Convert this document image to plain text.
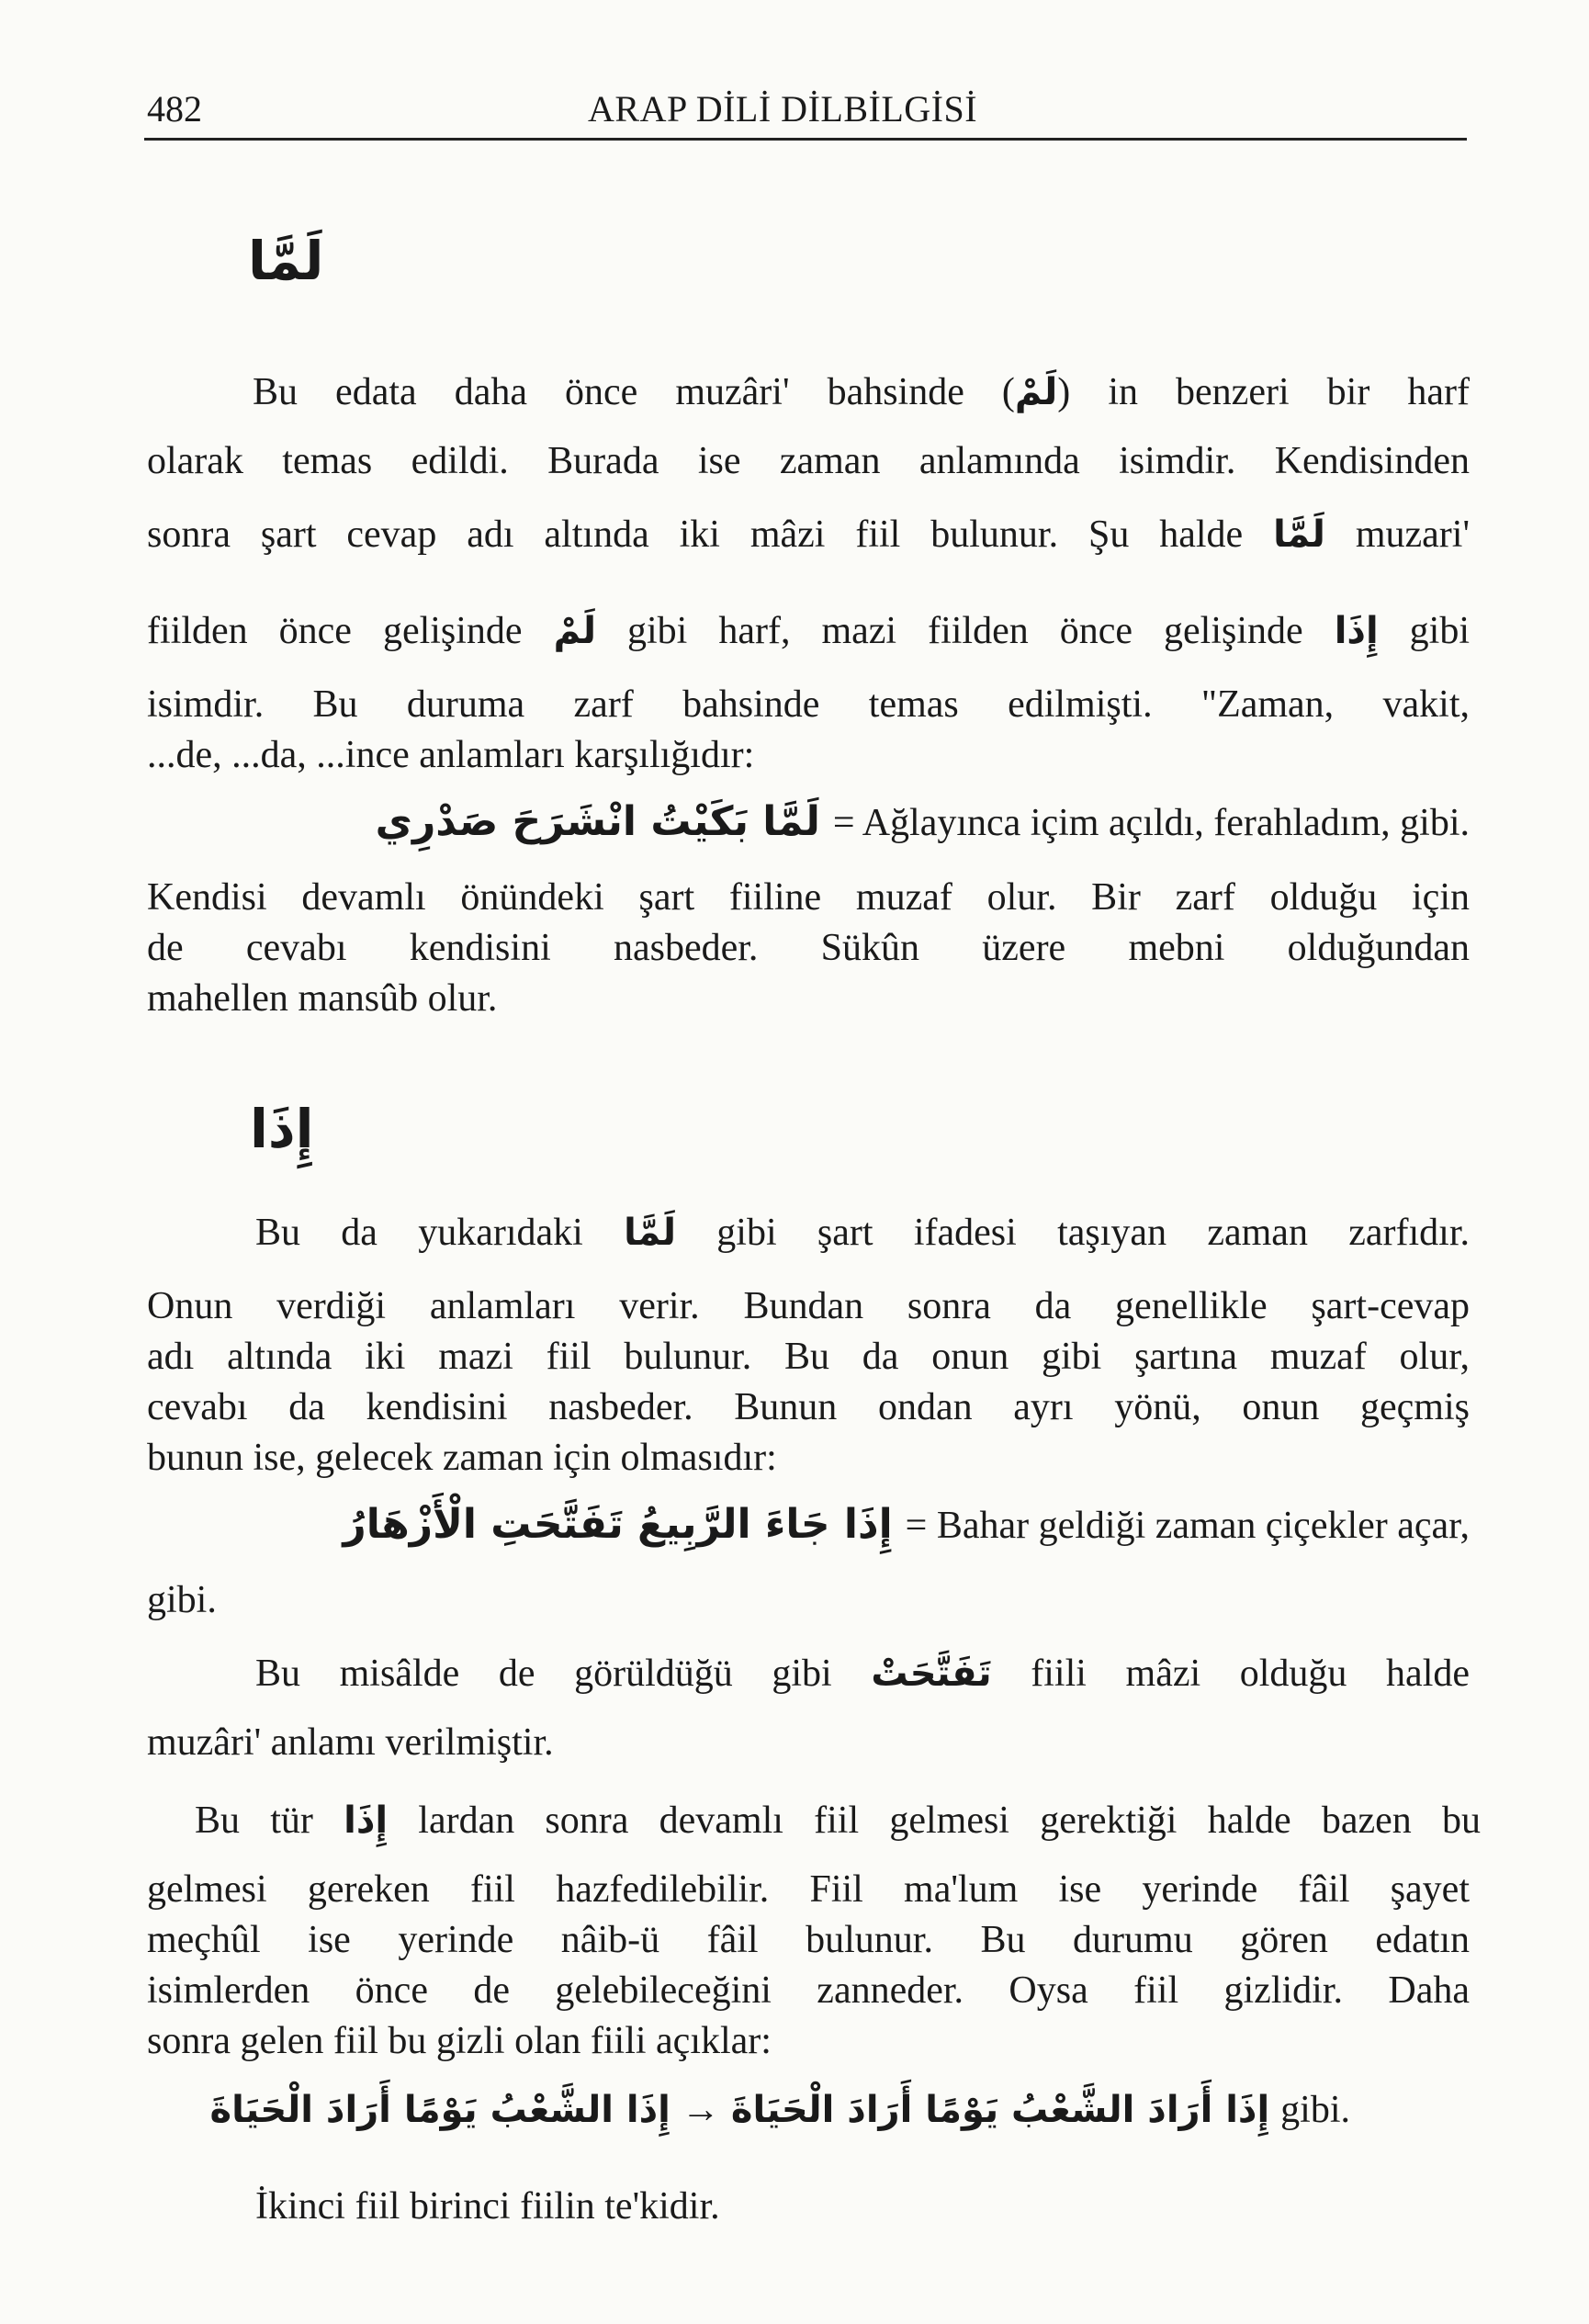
482	ARAP DİLİ DİLBİLGİSİ
لَمَّا
Bu edata daha önce muzâri' bahsinde (لَمْ) in benzeri bir harf
olarak temas edildi. Burada ise zaman anlamında isimdir. Kendisinden
sonra şart cevap adı altında iki mâzi fiil bulunur. Şu halde لَمَّا muzari'
fiilden önce gelişinde لَمْ gibi harf, mazi fiilden önce gelişinde إِذَا gibi
isimdir. Bu duruma zarf bahsinde temas edilmişti. "Zaman, vakit,
...de, ...da, ...ince anlamları karşılığıdır:
لَمَّا بَكَيْتُ انْشَرَحَ صَدْرِي = Ağlayınca içim açıldı, ferahladım, gibi.
Kendisi devamlı önündeki şart fiiline muzaf olur. Bir zarf olduğu için
de cevabı kendisini nasbeder. Sükûn üzere mebni olduğundan
mahellen mansûb olur.
إِذَا
Bu da yukarıdaki لَمَّا gibi şart ifadesi taşıyan zaman zarfıdır.
Onun verdiği anlamları verir. Bundan sonra da genellikle şart-cevap
adı altında iki mazi fiil bulunur. Bu da onun gibi şartına muzaf olur,
cevabı da kendisini nasbeder. Bunun ondan ayrı yönü, onun geçmiş
bunun ise, gelecek zaman için olmasıdır:
إِذَا جَاءَ الرَّبِيعُ تَفَتَّحَتِ الْأَزْهَارُ = Bahar geldiği zaman çiçekler açar,
gibi.
Bu misâlde de görüldüğü gibi تَفَتَّحَتْ fiili mâzi olduğu halde
muzâri' anlamı verilmiştir.
Bu tür إِذَا lardan sonra devamlı fiil gelmesi gerektiği halde bazen bu
gelmesi gereken fiil hazfedilebilir. Fiil ma'lum ise yerinde fâil şayet
meçhûl ise yerinde nâib-ü fâil bulunur. Bu durumu gören edatın
isimlerden önce de gelebileceğini zanneder. Oysa fiil gizlidir. Daha
sonra gelen fiil bu gizli olan fiili açıklar:
إِذَا الشَّعْبُ يَوْمًا أَرَادَ الْحَيَاةَ → إِذَا أَرَادَ الشَّعْبُ يَوْمًا أَرَادَ الْحَيَاةَ gibi.
İkinci fiil birinci fiilin te'kidir.
